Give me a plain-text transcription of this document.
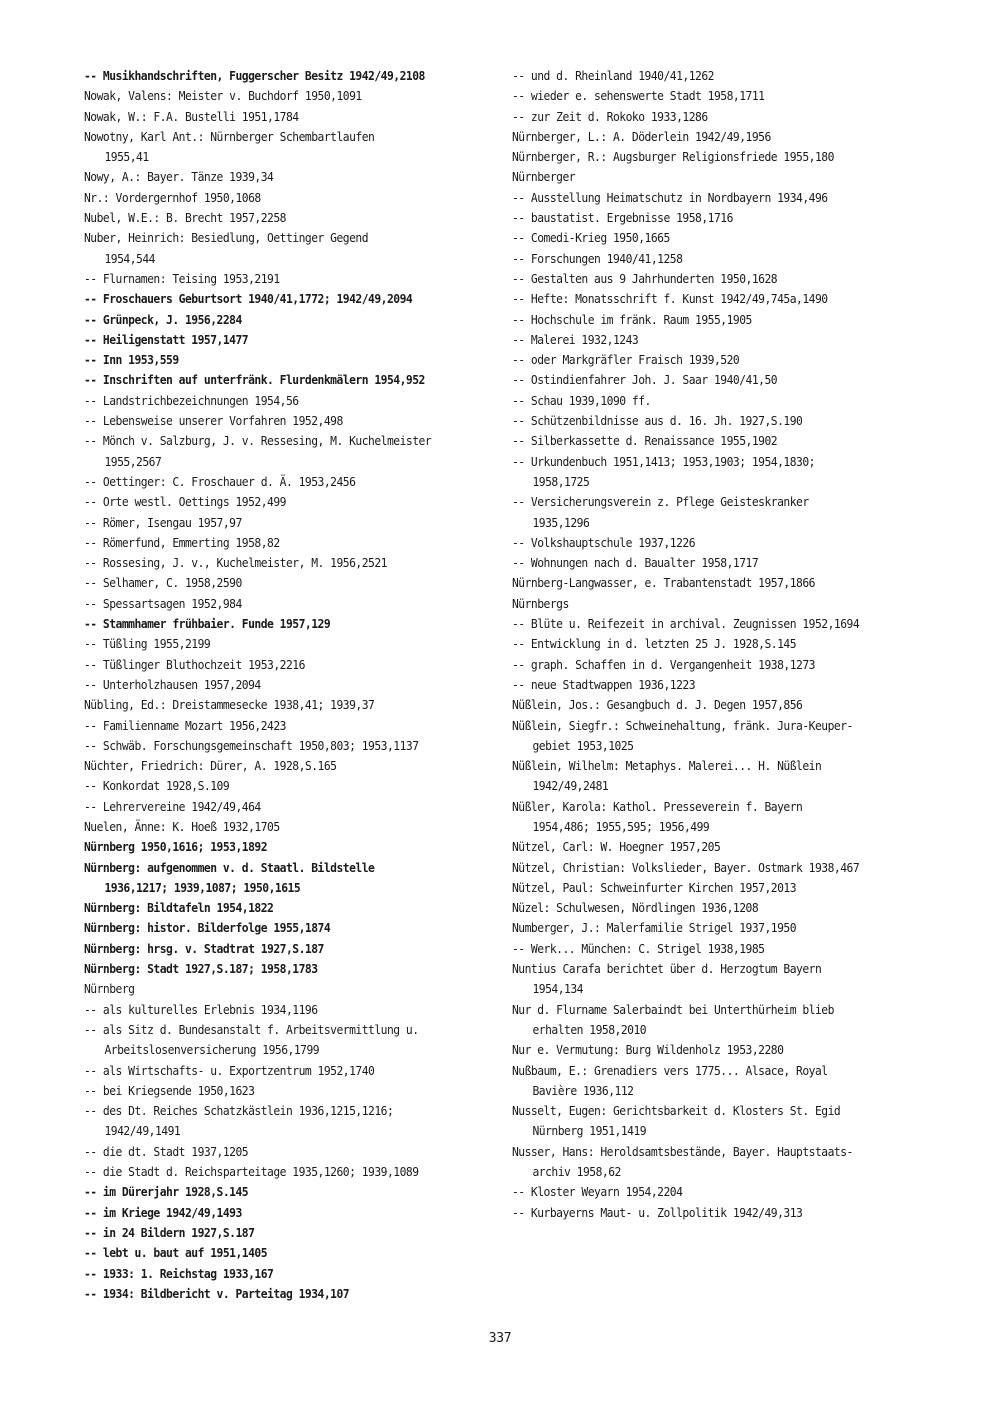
-- Musikhandschriften, Fuggerscher Besitz 1942/49,2108
Nowak, Valens: Meister v. Buchdorf 1950,1091
Nowak, W.: F.A. Bustelli 1951,1784
Nowotny, Karl Ant.: Nürnberger Schembartlaufen
1955,41
Nowy, A.: Bayer. Tänze 1939,34
Nr.: Vordergernhof 1950,1068
Nubel, W.E.: B. Brecht 1957,2258
Nuber, Heinrich: Besiedlung, Oettinger Gegend
1954,544
-- Flurnamen: Teising 1953,2191
-- Froschauers Geburtsort 1940/41,1772; 1942/49,2094
-- Grünpeck, J. 1956,2284
-- Heiligenstatt 1957,1477
-- Inn 1953,559
-- Inschriften auf unterfränk. Flurdenkmälern 1954,952
-- Landstrichbezeichnungen 1954,56
-- Lebensweise unserer Vorfahren 1952,498
-- Mönch v. Salzburg, J. v. Ressesing, M. Kuchelmeister
1955,2567
-- Oettinger: C. Froschauer d. Ä. 1953,2456
-- Orte westl. Oettings 1952,499
-- Römer, Isengau 1957,97
-- Römerfund, Emmerting 1958,82
-- Rossesing, J. v., Kuchelmeister, M. 1956,2521
-- Selhamer, C. 1958,2590
-- Spessartsagen 1952,984
-- Stammhamer frühbaier. Funde 1957,129
-- Tüßling 1955,2199
-- Tüßlinger Bluthochzeit 1953,2216
-- Unterholzhausen 1957,2094
Nübling, Ed.: Dreistammesecke 1938,41; 1939,37
-- Familienname Mozart 1956,2423
-- Schwäb. Forschungsgemeinschaft 1950,803; 1953,1137
Nüchter, Friedrich: Dürer, A. 1928,S.165
-- Konkordat 1928,S.109
-- Lehrervereine 1942/49,464
Nuelen, Änne: K. Hoeß 1932,1705
Nürnberg 1950,1616; 1953,1892
Nürnberg: aufgenommen v. d. Staatl. Bildstelle
1936,1217; 1939,1087; 1950,1615
Nürnberg: Bildtafeln 1954,1822
Nürnberg: histor. Bilderfolge 1955,1874
Nürnberg: hrsg. v. Stadtrat 1927,S.187
Nürnberg: Stadt 1927,S.187; 1958,1783
Nürnberg
-- als kulturelles Erlebnis 1934,1196
-- als Sitz d. Bundesanstalt f. Arbeitsvermittlung u.
Arbeitslosenversicherung 1956,1799
-- als Wirtschafts- u. Exportzentrum 1952,1740
-- bei Kriegsende 1950,1623
-- des Dt. Reiches Schatzkästlein 1936,1215,1216;
1942/49,1491
-- die dt. Stadt 1937,1205
-- die Stadt d. Reichsparteitage 1935,1260; 1939,1089
-- im Dürerjahr 1928,S.145
-- im Kriege 1942/49,1493
-- in 24 Bildern 1927,S.187
-- lebt u. baut auf 1951,1405
-- 1933: 1. Reichstag 1933,167
-- 1934: Bildbericht v. Parteitag 1934,107
-- und d. Rheinland 1940/41,1262
-- wieder e. sehenswerte Stadt 1958,1711
-- zur Zeit d. Rokoko 1933,1286
Nürnberger, L.: A. Döderlein 1942/49,1956
Nürnberger, R.: Augsburger Religionsfriede 1955,180
Nürnberger
-- Ausstellung Heimatschutz in Nordbayern 1934,496
-- baustatist. Ergebnisse 1958,1716
-- Comedi-Krieg 1950,1665
-- Forschungen 1940/41,1258
-- Gestalten aus 9 Jahrhunderten 1950,1628
-- Hefte: Monatsschrift f. Kunst 1942/49,745a,1490
-- Hochschule im fränk. Raum 1955,1905
-- Malerei 1932,1243
-- oder Markgräfler Fraisch 1939,520
-- Ostindienfahrer Joh. J. Saar 1940/41,50
-- Schau 1939,1090 ff.
-- Schützenbildnisse aus d. 16. Jh. 1927,S.190
-- Silberkassette d. Renaissance 1955,1902
-- Urkundenbuch 1951,1413; 1953,1903; 1954,1830;
1958,1725
-- Versicherungsverein z. Pflege Geisteskranker
1935,1296
-- Volkshauptschule 1937,1226
-- Wohnungen nach d. Baualter 1958,1717
Nürnberg-Langwasser, e. Trabantenstadt 1957,1866
Nürnbergs
-- Blüte u. Reifezeit in archival. Zeugnissen 1952,1694
-- Entwicklung in d. letzten 25 J. 1928,S.145
-- graph. Schaffen in d. Vergangenheit 1938,1273
-- neue Stadtwappen 1936,1223
Nüßlein, Jos.: Gesangbuch d. J. Degen 1957,856
Nüßlein, Siegfr.: Schweinehaltung, fränk. Jura-Keuper-
gebiet 1953,1025
Nüßlein, Wilhelm: Metaphys. Malerei... H. Nüßlein
1942/49,2481
Nüßler, Karola: Kathol. Presseverein f. Bayern
1954,486; 1955,595; 1956,499
Nützel, Carl: W. Hoegner 1957,205
Nützel, Christian: Volkslieder, Bayer. Ostmark 1938,467
Nützel, Paul: Schweinfurter Kirchen 1957,2013
Nüzel: Schulwesen, Nördlingen 1936,1208
Numberger, J.: Malerfamilie Strigel 1937,1950
-- Werk... München: C. Strigel 1938,1985
Nuntius Carafa berichtet über d. Herzogtum Bayern
1954,134
Nur d. Flurname Salerbaindt bei Unterthürheim blieb
erhalten 1958,2010
Nur e. Vermutung: Burg Wildenholz 1953,2280
Nußbaum, E.: Grenadiers vers 1775... Alsace, Royal
Bavière 1936,112
Nusselt, Eugen: Gerichtsbarkeit d. Klosters St. Egid
Nürnberg 1951,1419
Nusser, Hans: Heroldsamtsbestände, Bayer. Hauptstaats-
archiv 1958,62
-- Kloster Weyarn 1954,2204
-- Kurbayerns Maut- u. Zollpolitik 1942/49,313
337
